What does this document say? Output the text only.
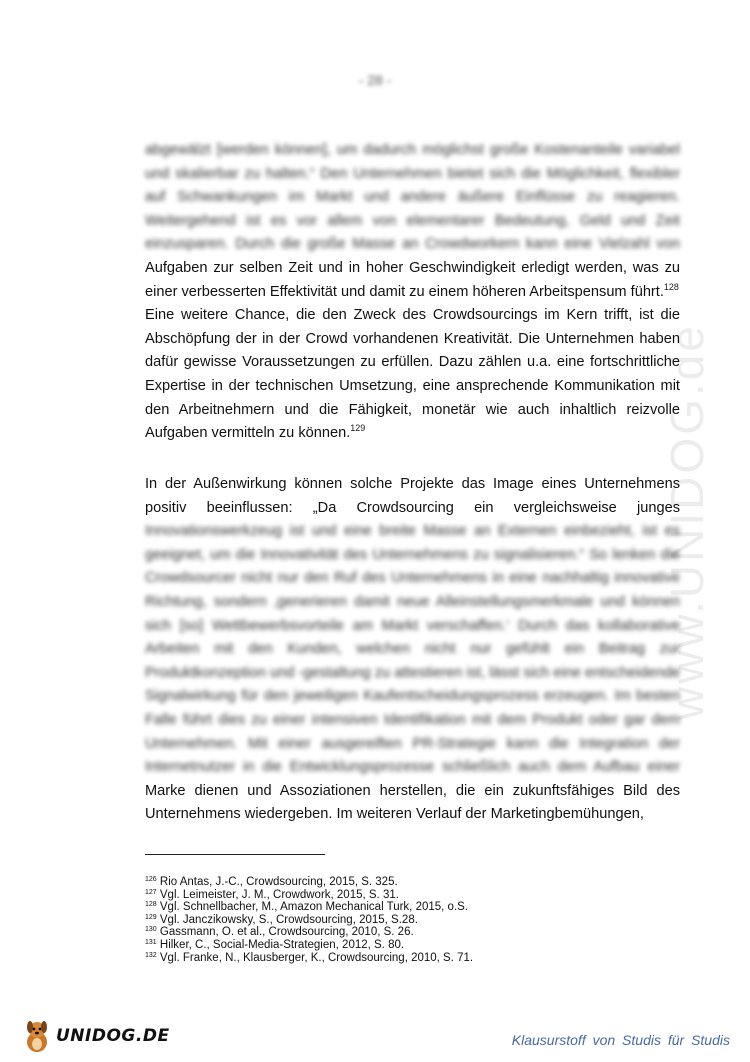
- 28 -
www.UNIDOG.de

abgewälzt [werden können], um dadurch möglichst große Kostenanteile variabel und skalierbar zu halten.“ Den Unternehmen bietet sich die Möglichkeit, flexibler auf Schwankungen im Markt und andere äußere Einflüsse zu reagieren. Weitergehend ist es vor allem von elementarer Bedeutung, Geld und Zeit einzusparen. Durch die große Masse an Crowdworkern kann eine Vielzahl von Aufgaben zur selben Zeit und in hoher Geschwindigkeit erledigt werden, was zu einer verbesserten Effektivität und damit zu einem höheren Arbeitspensum führt.$^{128}$

Eine weitere Chance, die den Zweck des Crowdsourcings im Kern trifft, ist die Abschöpfung der in der Crowd vorhandenen Kreativität. Die Unternehmen haben dafür gewisse Voraussetzungen zu erfüllen. Dazu zählen u.a. eine fortschrittliche Expertise in der technischen Umsetzung, eine ansprechende Kommunikation mit den Arbeitnehmern und die Fähigkeit, monetär wie auch inhaltlich reizvolle Aufgaben vermitteln zu können.$^{129}$

In der Außenwirkung können solche Projekte das Image eines Unternehmens positiv beeinflussen: „Da Crowdsourcing ein vergleichsweise junges Innovationswerkzeug ist und eine breite Masse an Externen einbezieht, ist es geeignet, um die Innovativität des Unternehmens zu signalisieren.“ So lenken die Crowdsourcer nicht nur den Ruf des Unternehmens in eine nachhaltig innovative Richtung, sondern ‚generieren damit neue Alleinstellungsmerkmale und können sich [so] Wettbewerbsvorteile am Markt verschaffen.‘ Durch das kollaborative Arbeiten mit den Kunden, welchen nicht nur gefühlt ein Beitrag zur Produktkonzeption und -gestaltung zu attestieren ist, lässt sich eine entscheidende Signalwirkung für den jeweiligen Kaufentscheidungsprozess erzeugen. Im besten Falle führt dies zu einer intensiven Identifikation mit dem Produkt oder gar dem Unternehmen. Mit einer ausgereiften PR-Strategie kann die Integration der Internetnutzer in die Entwicklungsprozesse schließlich auch dem Aufbau einer Marke dienen und Assoziationen herstellen, die ein zukunftsfähiges Bild des Unternehmens wiedergeben. Im weiteren Verlauf der Marketingbemühungen,

$^{126}$ Rio Antas, J.-C., Crowdsourcing, 2015, S. 325.
$^{127}$ Vgl. Leimeister, J. M., Crowdwork, 2015, S. 31.
$^{128}$ Vgl. Schnellbacher, M., Amazon Mechanical Turk, 2015, o.S.
$^{129}$ Vgl. Janczikowsky, S., Crowdsourcing, 2015, S.28.
$^{130}$ Gassmann, O. et al., Crowdsourcing, 2010, S. 26.
$^{131}$ Hilker, C., Social-Media-Strategien, 2012, S. 80.
$^{132}$ Vgl. Franke, N., Klausberger, K., Crowdsourcing, 2010, S. 71.
UNIDOG.DE	Klausurstoff von Studis für Studis
